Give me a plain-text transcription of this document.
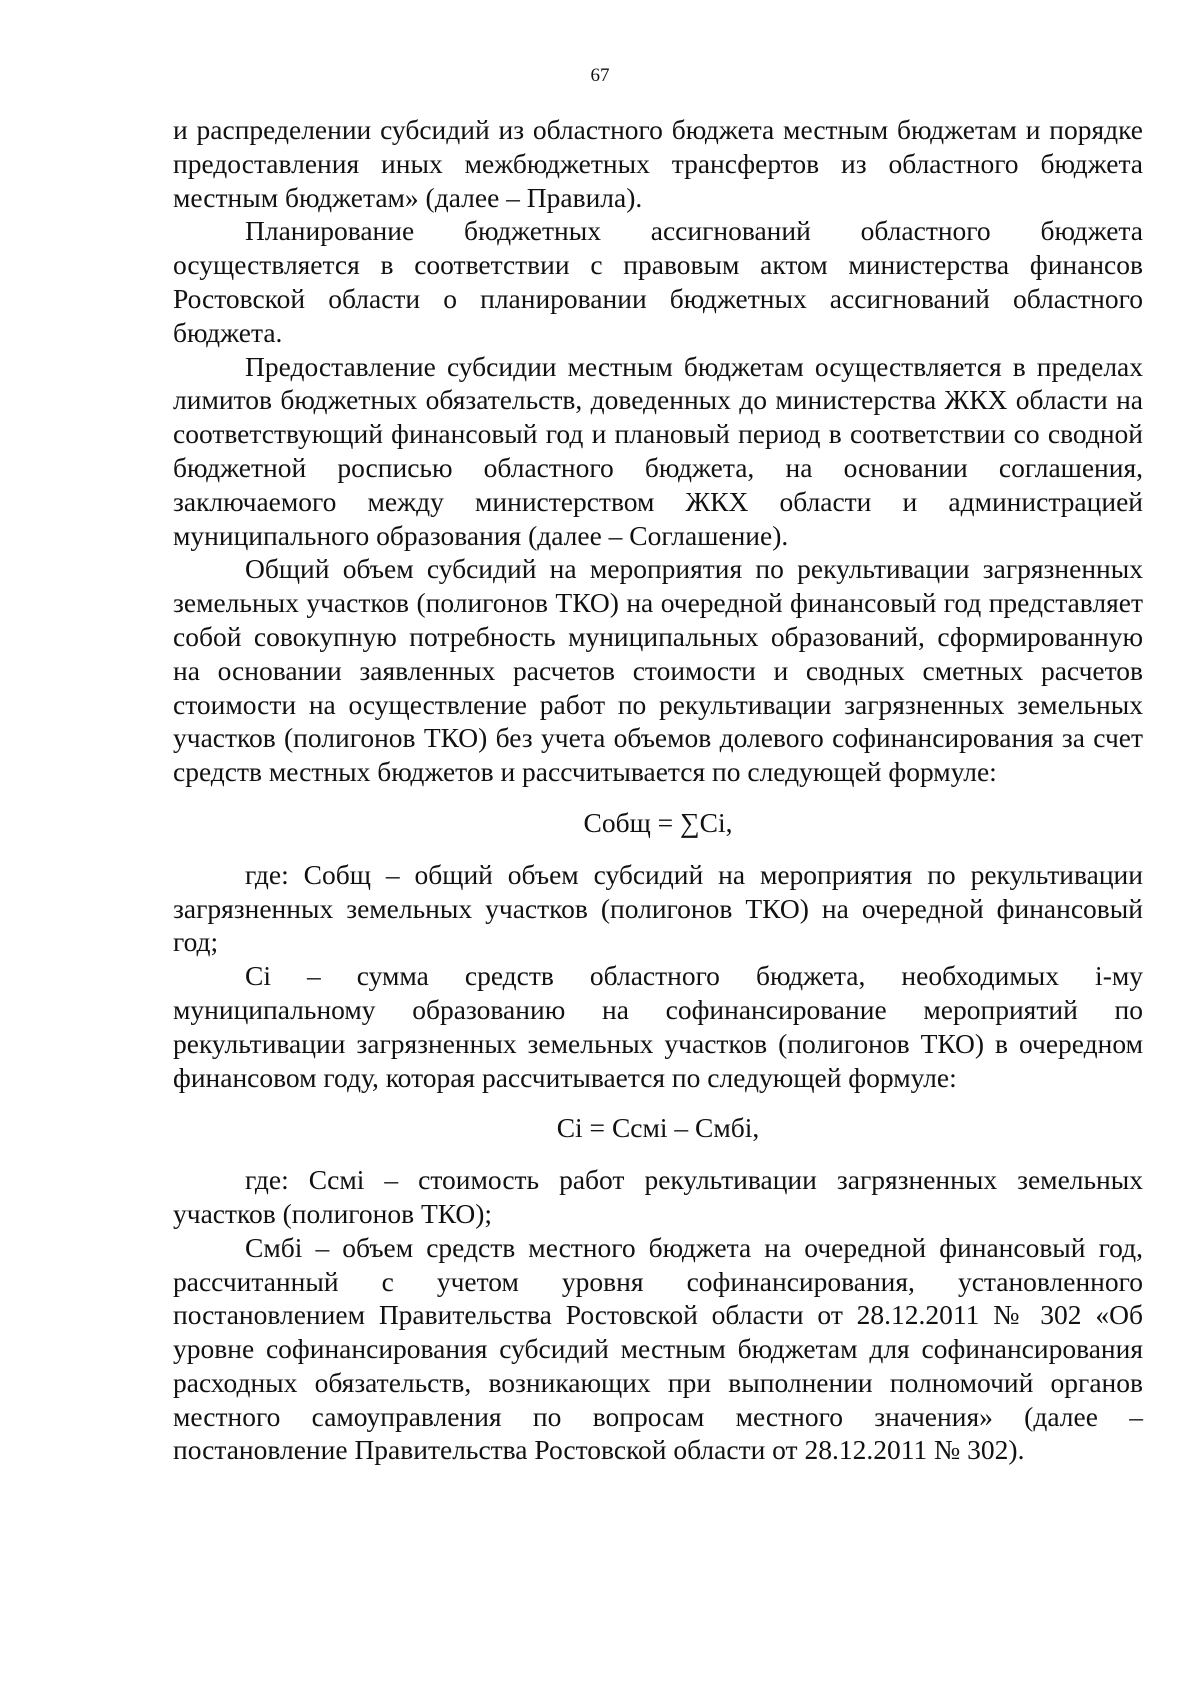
67

и распределении субсидий из областного бюджета местным бюджетам и порядке предоставления иных межбюджетных трансфертов из областного бюджета местным бюджетам» (далее – Правила).

Планирование бюджетных ассигнований областного бюджета осуществляется в соответствии с правовым актом министерства финансов Ростовской области о планировании бюджетных ассигнований областного бюджета.

Предоставление субсидии местным бюджетам осуществляется в пределах лимитов бюджетных обязательств, доведенных до министерства ЖКХ области на соответствующий финансовый год и плановый период в соответствии со сводной бюджетной росписью областного бюджета, на основании соглашения, заключаемого между министерством ЖКХ области и администрацией муниципального образования (далее – Соглашение).

Общий объем субсидий на мероприятия по рекультивации загрязненных земельных участков (полигонов ТКО) на очередной финансовый год представляет собой совокупную потребность муниципальных образований, сформированную на основании заявленных расчетов стоимости и сводных сметных расчетов стоимости на осуществление работ по рекультивации загрязненных земельных участков (полигонов ТКО) без учета объемов долевого софинансирования за счет средств местных бюджетов и рассчитывается по следующей формуле:

Собщ = ∑Ci,

где: Собщ – общий объем субсидий на мероприятия по рекультивации загрязненных земельных участков (полигонов ТКО) на очередной финансовый год;

Ci – сумма средств областного бюджета, необходимых i-му муниципальному образованию на софинансирование мероприятий по рекультивации загрязненных земельных участков (полигонов ТКО) в очередном финансовом году, которая рассчитывается по следующей формуле:

Ci = Ccмi – Смбi,

где: Ccмi – стоимость работ рекультивации загрязненных земельных участков (полигонов ТКО);

Смбi – объем средств местного бюджета на очередной финансовый год, рассчитанный с учетом уровня софинансирования, установленного постановлением Правительства Ростовской области от 28.12.2011 № 302 «Об уровне софинансирования субсидий местным бюджетам для софинансирования расходных обязательств, возникающих при выполнении полномочий органов местного самоуправления по вопросам местного значения» (далее – постановление Правительства Ростовской области от 28.12.2011 № 302).
